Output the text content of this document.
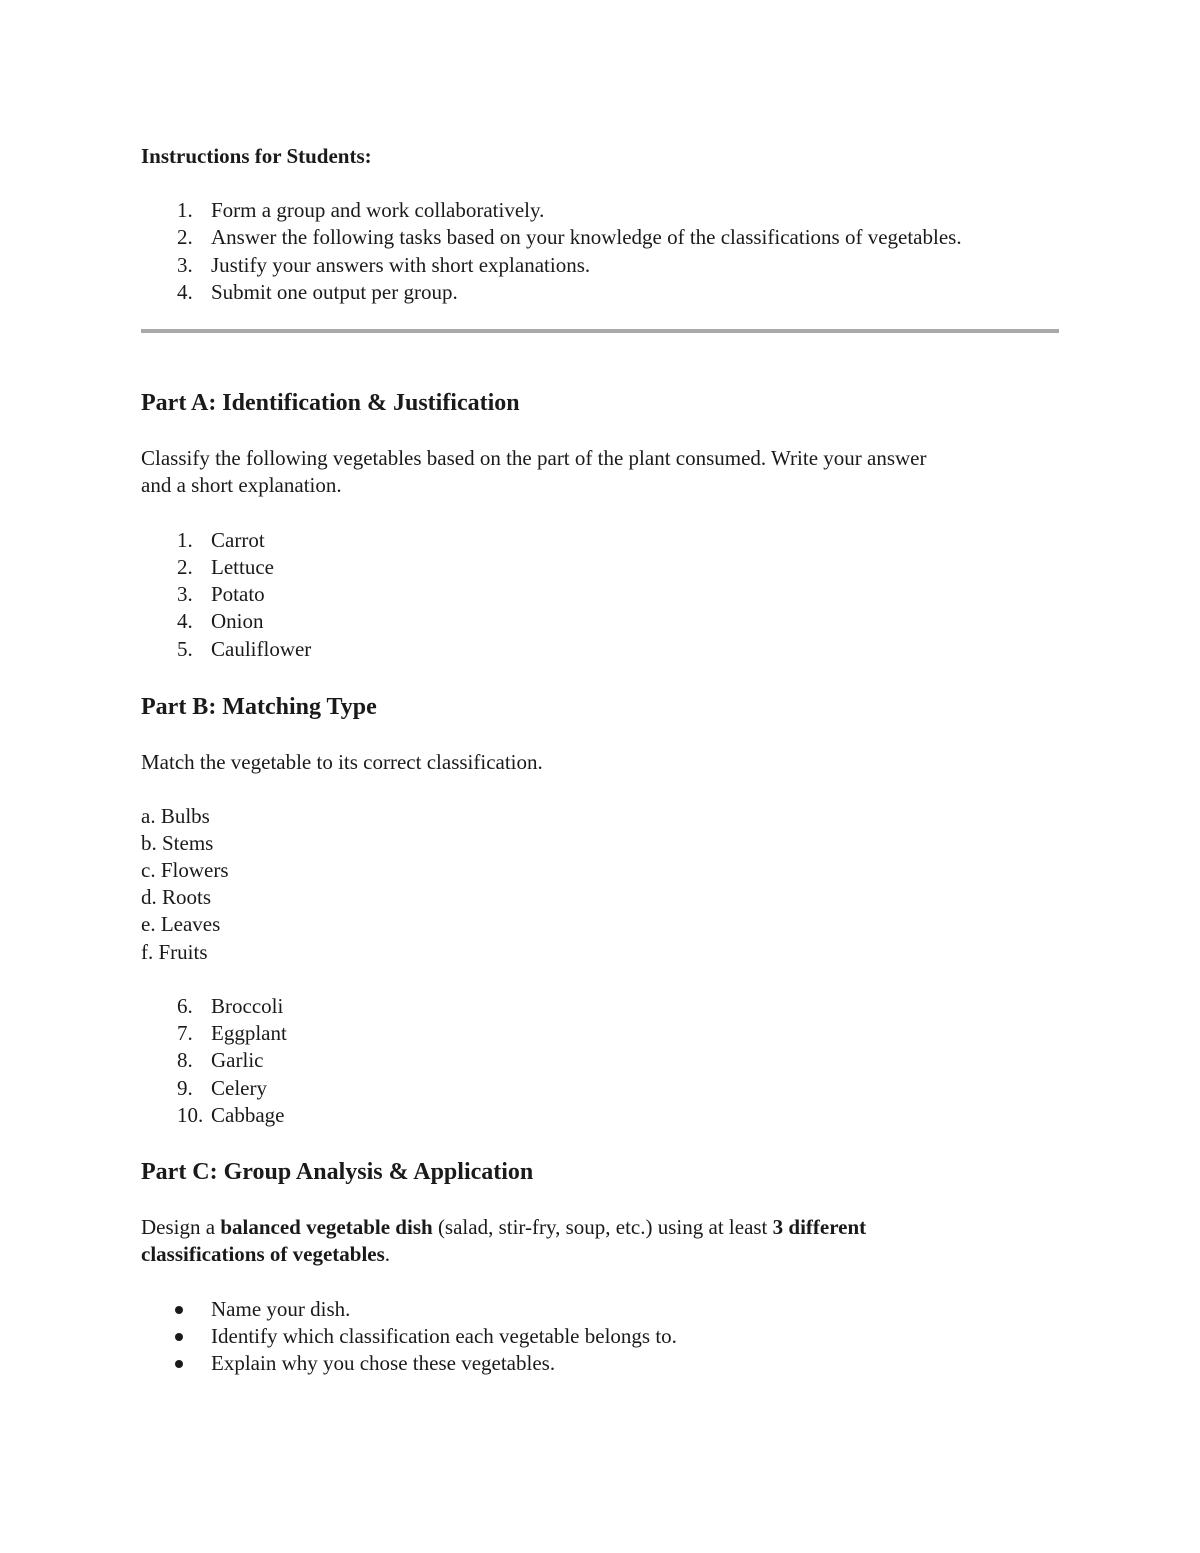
Instructions for Students:

1. Form a group and work collaboratively.
2. Answer the following tasks based on your knowledge of the classifications of vegetables.
3. Justify your answers with short explanations.
4. Submit one output per group.
Part A: Identification & Justification

Classify the following vegetables based on the part of the plant consumed. Write your answer

and a short explanation.

1. Carrot
2. Lettuce
3. Potato
4. Onion
5. Cauliflower
Part B: Matching Type

Match the vegetable to its correct classification.

a. Bulbs

b. Stems

c. Flowers

d. Roots

e. Leaves

f. Fruits

6. Broccoli
7. Eggplant
8. Garlic
9. Celery
10. Cabbage
Part C: Group Analysis & Application

Design a balanced vegetable dish (salad, stir-fry, soup, etc.) using at least 3 different

classifications of vegetables.

Name your dish.
Identify which classification each vegetable belongs to.
Explain why you chose these vegetables.
